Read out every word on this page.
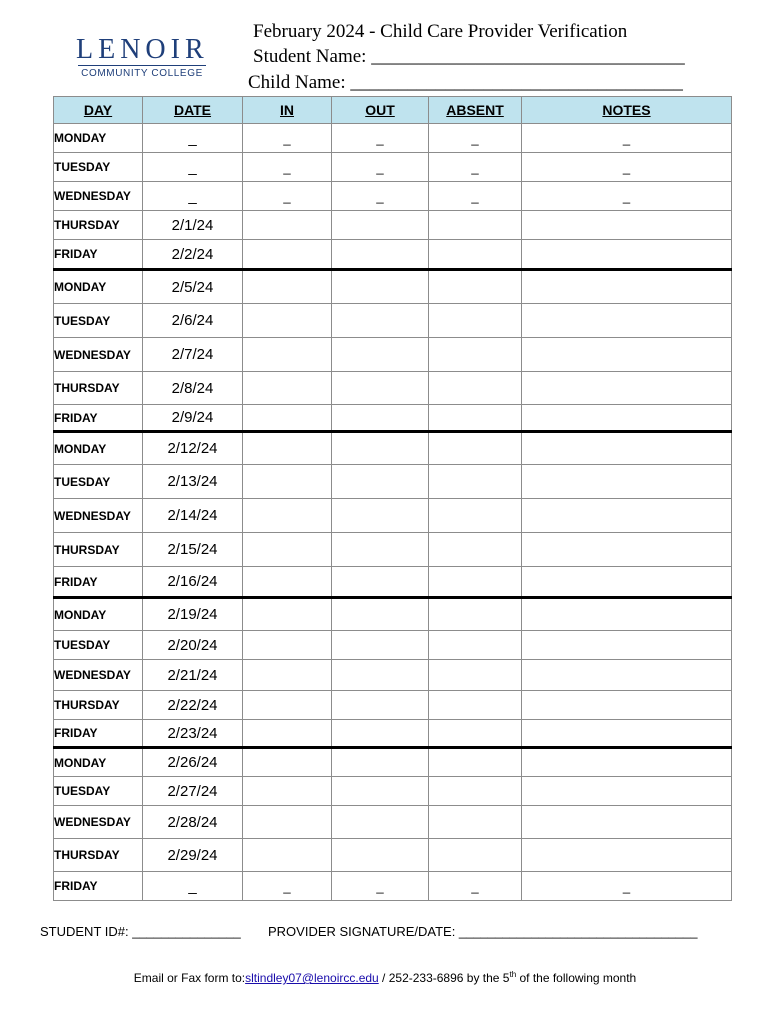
LENOIR
COMMUNITY COLLEGE
February 2024 - Child Care Provider Verification
Student Name: _________________________________
Child Name: ___________________________________
DAY	DATE	IN	OUT	ABSENT	NOTES
MONDAY	_	_	_	_	_
TUESDAY	_	_	_	_	_
WEDNESDAY	_	_	_	_	_
THURSDAY	2/1/24				
FRIDAY	2/2/24				
MONDAY	2/5/24				
TUESDAY	2/6/24				
WEDNESDAY	2/7/24				
THURSDAY	2/8/24				
FRIDAY	2/9/24				
MONDAY	2/12/24				
TUESDAY	2/13/24				
WEDNESDAY	2/14/24				
THURSDAY	2/15/24				
FRIDAY	2/16/24				
MONDAY	2/19/24				
TUESDAY	2/20/24				
WEDNESDAY	2/21/24				
THURSDAY	2/22/24				
FRIDAY	2/23/24				
MONDAY	2/26/24				
TUESDAY	2/27/24				
WEDNESDAY	2/28/24				
THURSDAY	2/29/24				
FRIDAY	_	_	_	_	_
STUDENT ID#: _______________ PROVIDER SIGNATURE/DATE: _________________________________
Email or Fax form to:sltindley07@lenoircc.edu / 252-233-6896 by the 5th of the following month
